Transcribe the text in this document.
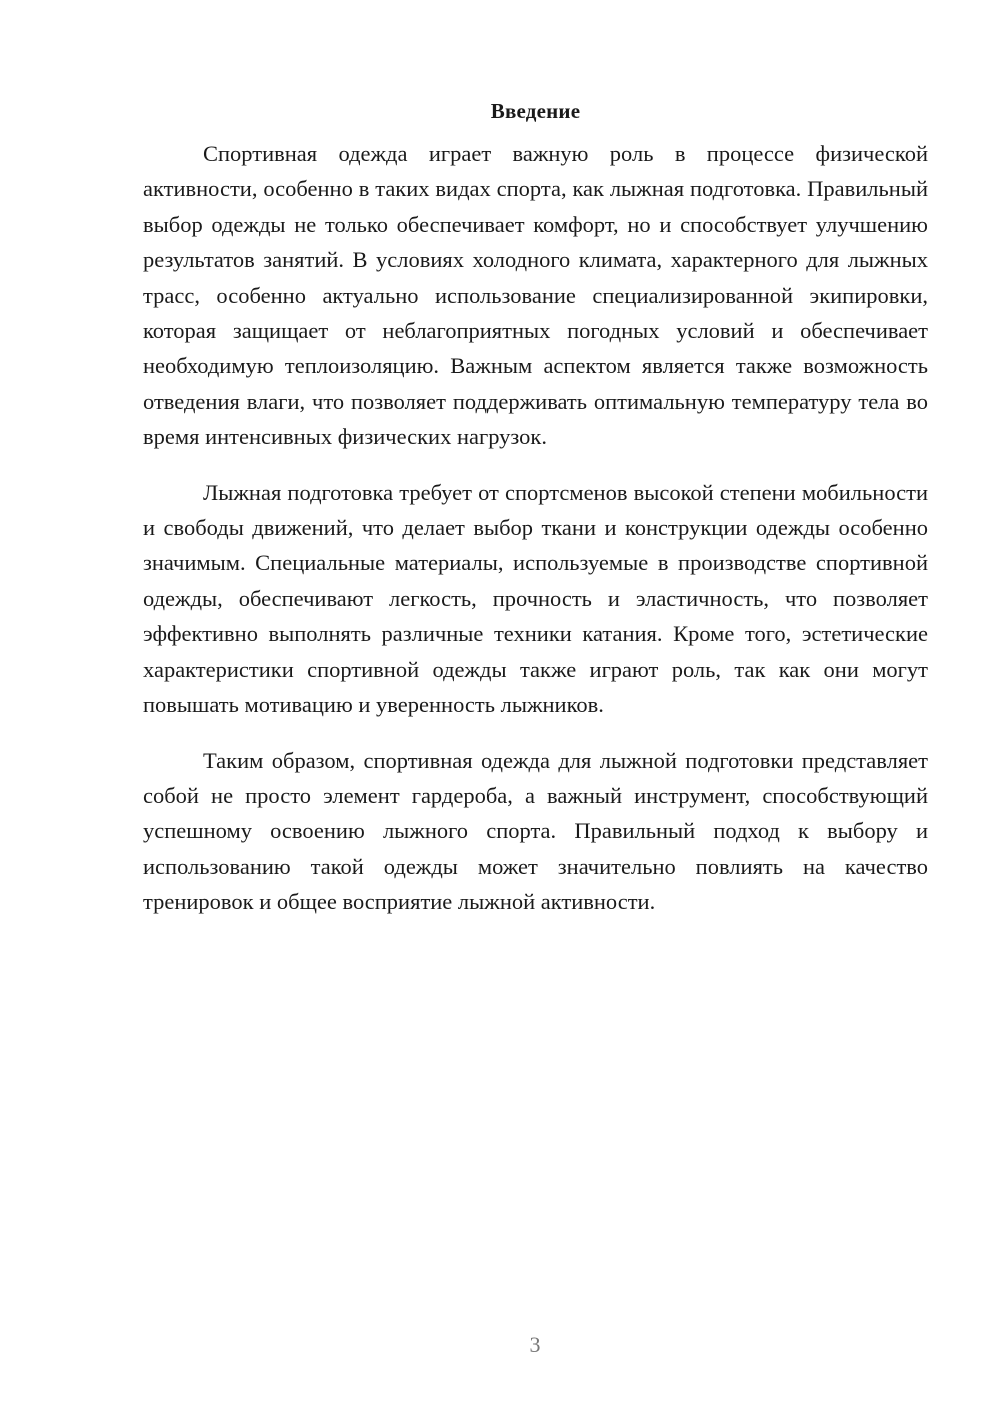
Введение

Спортивная одежда играет важную роль в процессе физической активности, особенно в таких видах спорта, как лыжная подготовка. Правильный выбор одежды не только обеспечивает комфорт, но и способствует улучшению результатов занятий. В условиях холодного климата, характерного для лыжных трасс, особенно актуально использование специализированной экипировки, которая защищает от неблагоприятных погодных условий и обеспечивает необходимую теплоизоляцию. Важным аспектом является также возможность отведения влаги, что позволяет поддерживать оптимальную температуру тела во время интенсивных физических нагрузок.

Лыжная подготовка требует от спортсменов высокой степени мобильности и свободы движений, что делает выбор ткани и конструкции одежды особенно значимым. Специальные материалы, используемые в производстве спортивной одежды, обеспечивают легкость, прочность и эластичность, что позволяет эффективно выполнять различные техники катания. Кроме того, эстетические характеристики спортивной одежды также играют роль, так как они могут повышать мотивацию и уверенность лыжников.

Таким образом, спортивная одежда для лыжной подготовки представляет собой не просто элемент гардероба, а важный инструмент, способствующий успешному освоению лыжного спорта. Правильный подход к выбору и использованию такой одежды может значительно повлиять на качество тренировок и общее восприятие лыжной активности.

3
